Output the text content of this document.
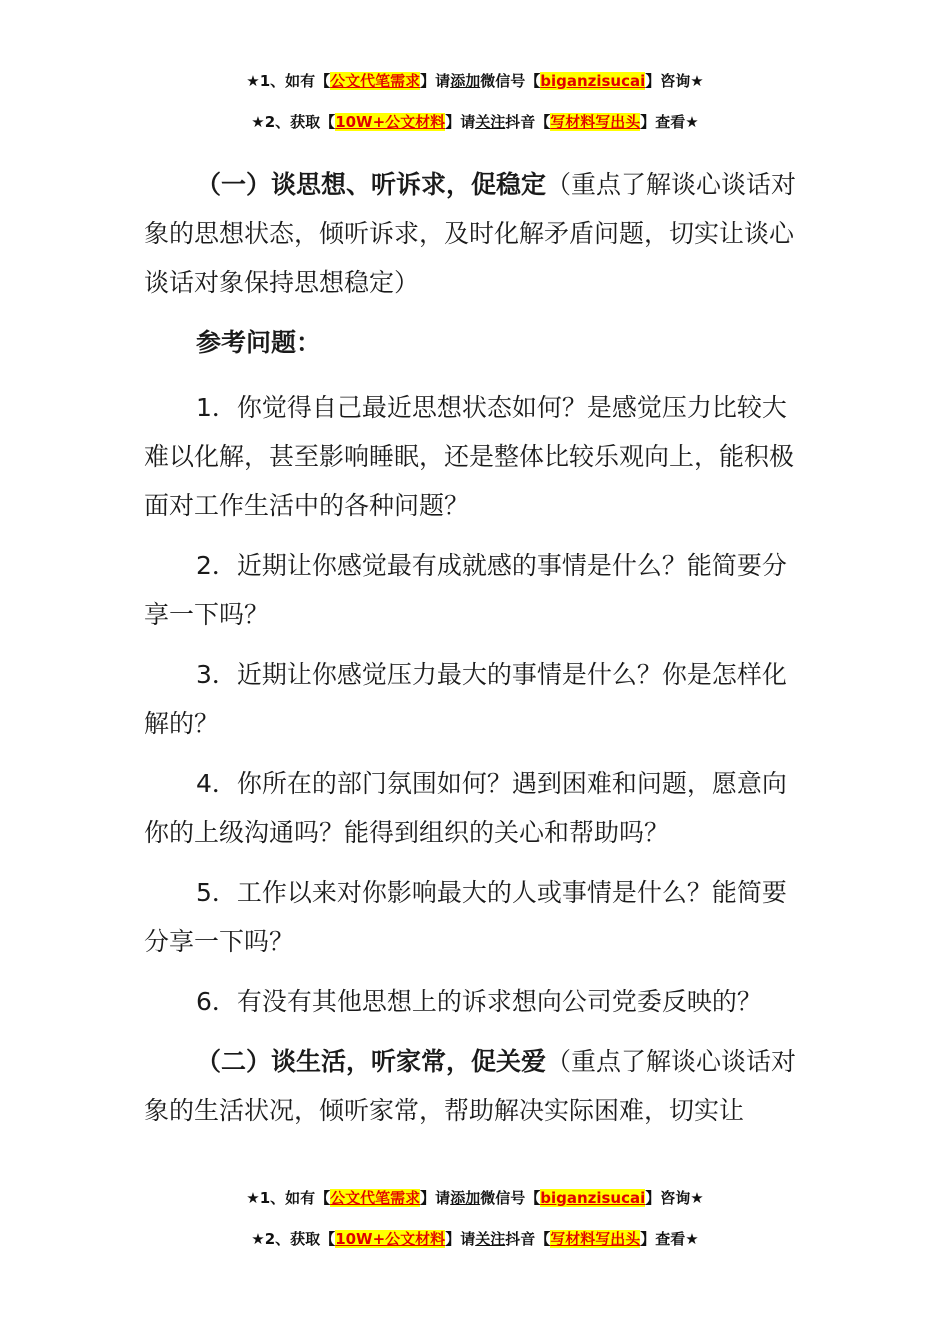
★1、如有【公文代笔需求】请添加微信号【biganzisucai】咨询★
★2、获取【10W+公文材料】请关注抖音【写材料写出头】查看★

（一）谈思想、听诉求，促稳定（重点了解谈心谈话对象的思想状态，倾听诉求，及时化解矛盾问题，切实让谈心谈话对象保持思想稳定）

参考问题：

1．你觉得自己最近思想状态如何？是感觉压力比较大难以化解，甚至影响睡眠，还是整体比较乐观向上，能积极面对工作生活中的各种问题？

2．近期让你感觉最有成就感的事情是什么？能简要分享一下吗？

3．近期让你感觉压力最大的事情是什么？你是怎样化解的？

4．你所在的部门氛围如何？遇到困难和问题，愿意向你的上级沟通吗？能得到组织的关心和帮助吗？

5．工作以来对你影响最大的人或事情是什么？能简要分享一下吗？

6．有没有其他思想上的诉求想向公司党委反映的？

（二）谈生活，听家常，促关爱（重点了解谈心谈话对象的生活状况，倾听家常，帮助解决实际困难，切实让

★1、如有【公文代笔需求】请添加微信号【biganzisucai】咨询★
★2、获取【10W+公文材料】请关注抖音【写材料写出头】查看★
